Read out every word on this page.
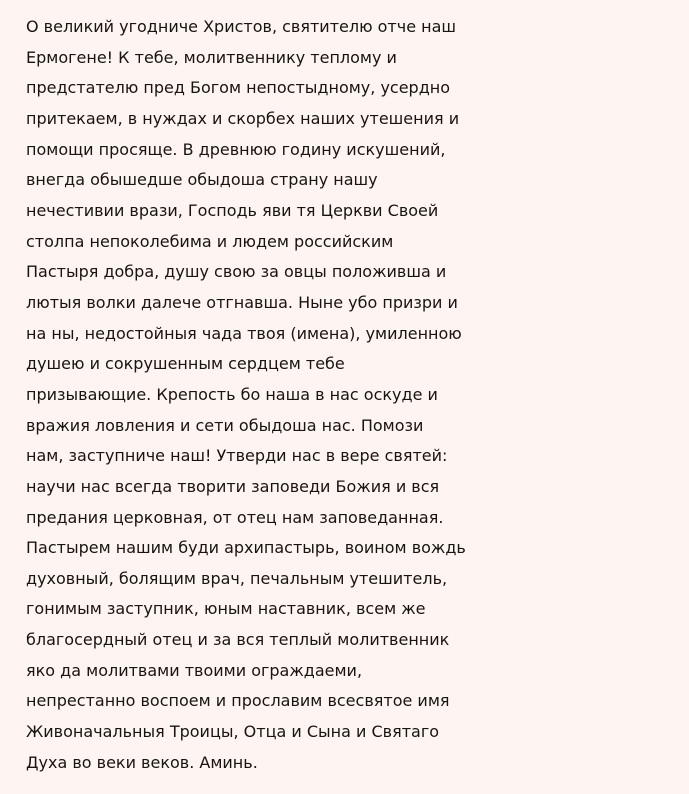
О великий угодниче Христов, святителю отче наш
Ермогене! К тебе, молитвеннику теплому и
предстателю пред Богом непостыдному, усердно
притекаем, в нуждах и скорбех наших утешения и
помощи просяще. В древнюю годину искушений,
внегда обышедше обыдоша страну нашу
нечестивии врази, Господь яви тя Церкви Своей
столпа непоколебима и людем российским
Пастыря добра, душу свою за овцы положивша и
лютыя волки далече отгнавша. Ныне убо призри и
на ны, недостойныя чада твоя (имена), умиленною
душею и сокрушенным сердцем тебе
призывающие. Крепость бо наша в нас оскуде и
вражия ловления и сети обыдоша нас. Помози
нам, заступниче наш! Утверди нас в вере святей:
научи нас всегда творити заповеди Божия и вся
предания церковная, от отец нам заповеданная.
Пастырем нашим буди архипастырь, воином вождь
духовный, болящим врач, печальным утешитель,
гонимым заступник, юным наставник, всем же
благосердный отец и за вся теплый молитвенник
яко да молитвами твоими ограждаеми,
непрестанно воспоем и прославим всесвятое имя
Живоначальныя Троицы, Отца и Сына и Святаго
Духа во веки веков. Аминь.
